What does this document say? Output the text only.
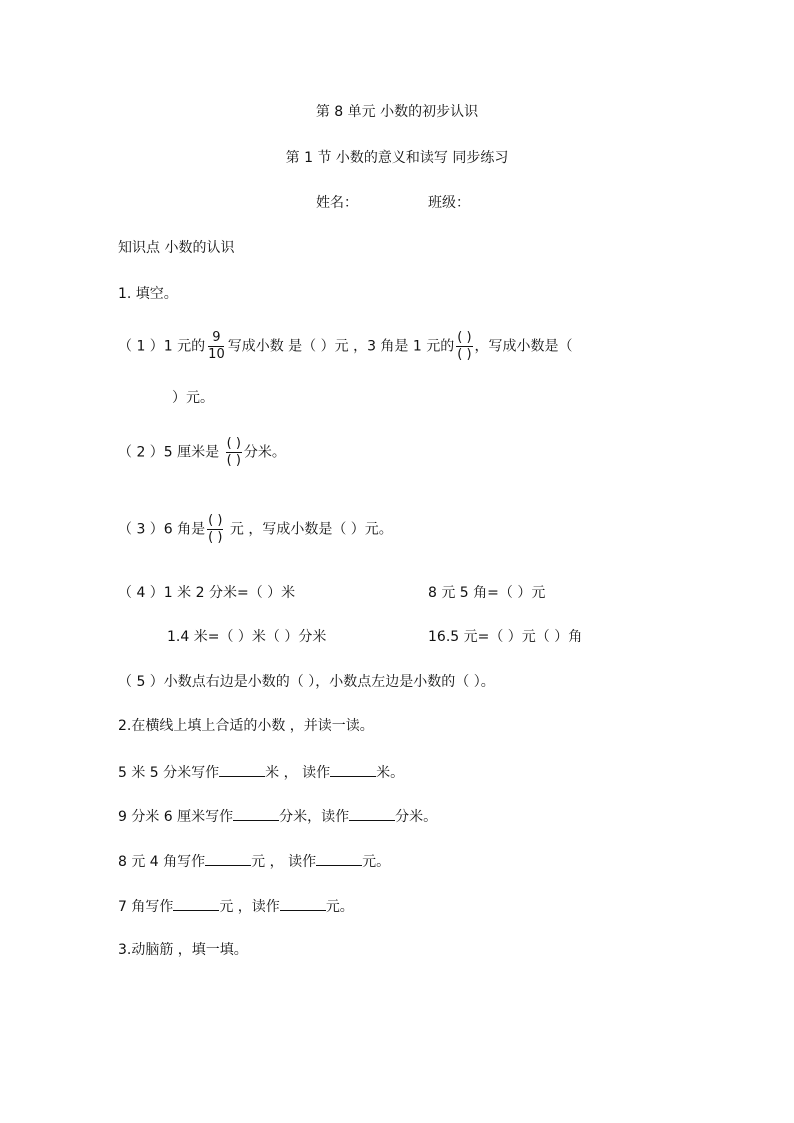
第 8 单元 小数的初步认识
第 1 节 小数的意义和读写 同步练习
姓名：	班级：
知识点 小数的认识
1. 填空。
（ 1 ）1 元的 $\frac{9}{10}$ 写成小数 是（ ）元 ，3 角是 1 元的 $\frac{( )}{( )}$ ，写成小数是（
）元。
（ 2 ）5 厘米是 $\frac{( )}{( )}$ 分米。
（ 3 ）6 角是 $\frac{( )}{( )}$ 元 ，写成小数是（ ）元。
（ 4 ）1 米 2 分米=（ ）米	8 元 5 角=（ ）元
1.4 米=（ ）米（ ）分米	16.5 元=（ ）元（ ）角
（ 5 ）小数点右边是小数的（ ），小数点左边是小数的（ ）。
2.在横线上填上合适的小数 ，并读一读。
5 米 5 分米写作	米 ， 读作	米。
9 分米 6 厘米写作	分米，读作	分米。
8 元 4 角写作	元 ， 读作	元。
7 角写作	元 ，读作	元。
3.动脑筋 ，填一填。
